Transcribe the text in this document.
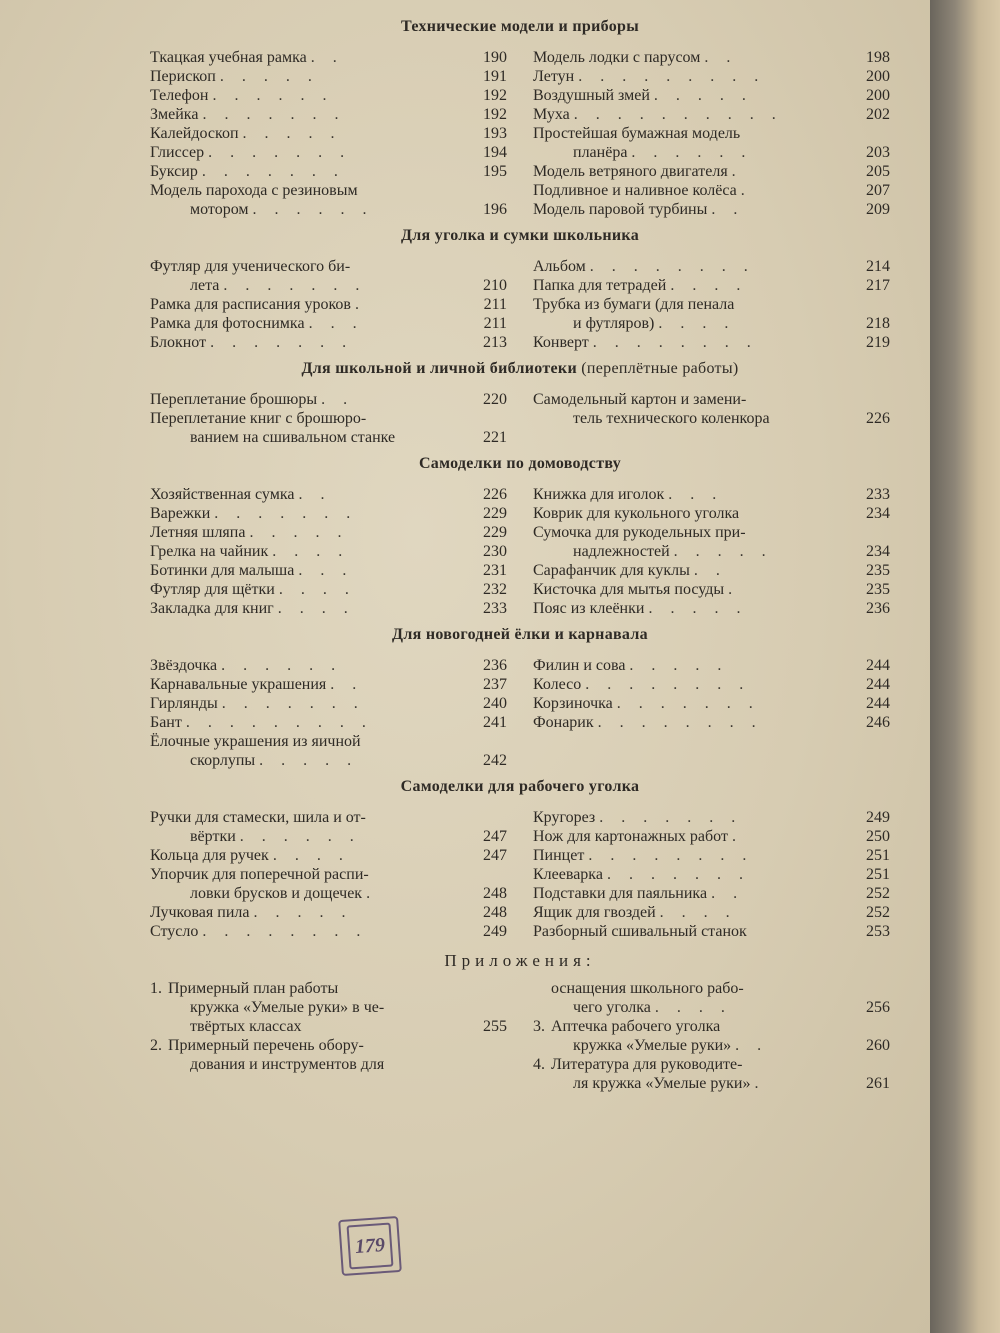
Технические модели и приборы
Ткацкая учебная рамка . .	190
Перископ . . . . .	191
Телефон . . . . . .	192
Змейка . . . . . . .	192
Калейдоскоп . . . . .	193
Глиссер . . . . . . .	194
Буксир . . . . . . .	195
Модель парохода с резиновым
мотором . . . . . .	196
Модель лодки с парусом . .	198
Летун . . . . . . . . .	200
Воздушный змей . . . . .	200
Муха . . . . . . . . . .	202
Простейшая бумажная модель
планёра . . . . . .	203
Модель ветряного двигателя .	205
Подливное и наливное колёса .	207
Модель паровой турбины . .	209
Для уголка и сумки школьника
Футляр для ученического би-
лета . . . . . . .	210
Рамка для расписания уроков .	211
Рамка для фотоснимка . . .	211
Блокнот . . . . . . .	213
Альбом . . . . . . . .	214
Папка для тетрадей . . . .	217
Трубка из бумаги (для пенала
и футляров) . . . .	218
Конверт . . . . . . . .	219
Для школьной и личной библиотеки (переплётные работы)
Переплетание брошюры . .	220
Переплетание книг с брошюро-
ванием на сшивальном станке	221
Самодельный картон и замени-
тель технического коленкора	226
Самоделки по домоводству
Хозяйственная сумка . .	226
Варежки . . . . . . .	229
Летняя шляпа . . . . .	229
Грелка на чайник . . . .	230
Ботинки для малыша . . .	231
Футляр для щётки . . . .	232
Закладка для книг . . . .	233
Книжка для иголок . . .	233
Коврик для кукольного уголка	234
Сумочка для рукодельных при-
надлежностей . . . . .	234
Сарафанчик для куклы . .	235
Кисточка для мытья посуды .	235
Пояс из клеёнки . . . . .	236
Для новогодней ёлки и карнавала
Звёздочка . . . . . .	236
Карнавальные украшения . .	237
Гирлянды . . . . . . .	240
Бант . . . . . . . . .	241
Ёлочные украшения из яичной
скорлупы . . . . .	242
Филин и сова . . . . .	244
Колесо . . . . . . . .	244
Корзиночка . . . . . . .	244
Фонарик . . . . . . . .	246
Самоделки для рабочего уголка
Ручки для стамески, шила и от-
вёртки . . . . . .	247
Кольца для ручек . . . .	247
Упорчик для поперечной распи-
ловки брусков и дощечек .	248
Лучковая пила . . . . .	248
Стусло . . . . . . . .	249
Кругорез . . . . . . .	249
Нож для картонажных работ .	250
Пинцет . . . . . . . .	251
Клееварка . . . . . . .	251
Подставки для паяльника . .	252
Ящик для гвоздей . . . .	252
Разборный сшивальный станок	253
Приложения:
1. Примерный план работы
кружка «Умелые руки» в че-
твёртых классах	255
2. Примерный перечень обору-
дования и инструментов для
оснащения школьного рабо-
чего уголка . . . .	256
3. Аптечка рабочего уголка
кружка «Умелые руки» . .	260
4. Литература для руководите-
ля кружка «Умелые руки» .	261
179
